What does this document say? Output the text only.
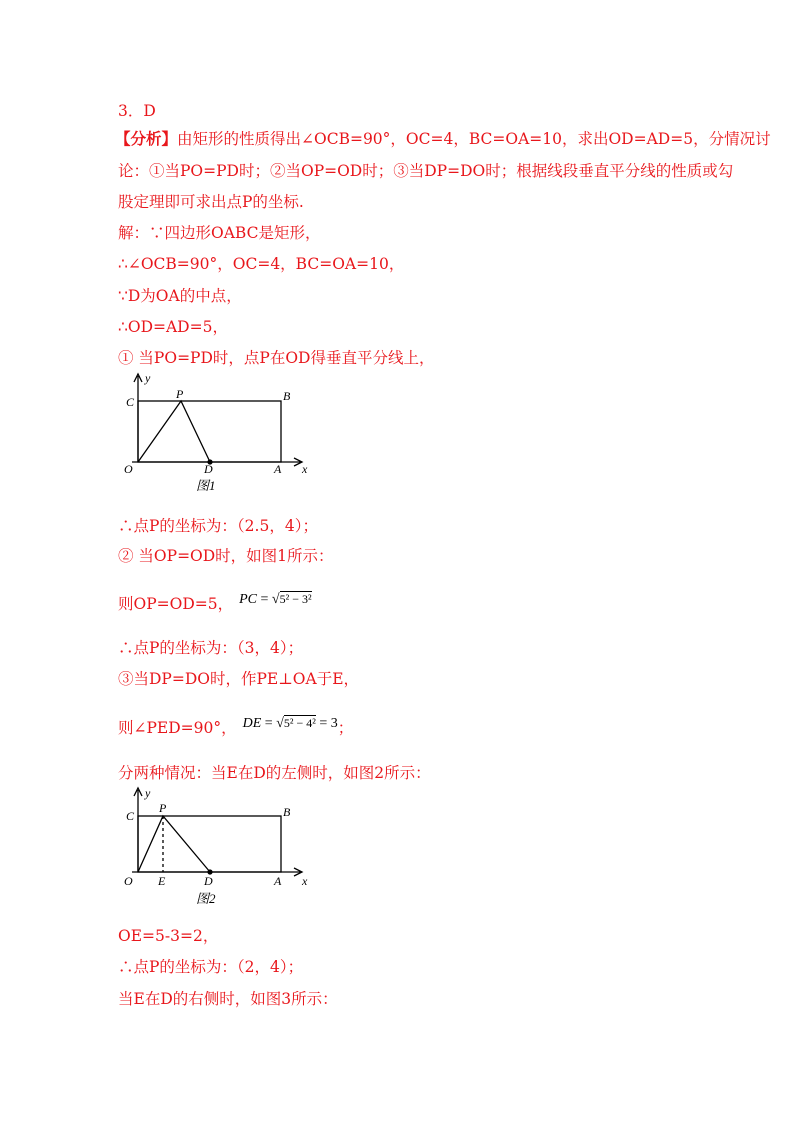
3．D
【分析】由矩形的性质得出∠OCB=90°，OC=4，BC=OA=10，求出OD=AD=5，分情况讨
论：①当PO=PD时；②当OP=OD时；③当DP=DO时；根据线段垂直平分线的性质或勾
股定理即可求出点P的坐标.
解：∵四边形OABC是矩形，
∴∠OCB=90°，OC=4，BC=OA=10，
∵D为OA的中点，
∴OD=AD=5，
① 当PO=PD时，点P在OD得垂直平分线上，
y
C
P	B
O	D	A x
图1
∴点P的坐标为：（2.5，4）；
② 当OP=OD时，如图1所示：
则OP=OD=5， PC = √5² − 3²
∴点P的坐标为：（3，4）；
③当DP=DO时，作PE⊥OA于E，
则∠PED=90°， DE = √5² − 4² = 3；
分两种情况：当E在D的左侧时，如图2所示：
y
C
P	B
O E	D	A x
图2
OE=5-3=2，
∴点P的坐标为：（2，4）；
当E在D的右侧时，如图3所示：
